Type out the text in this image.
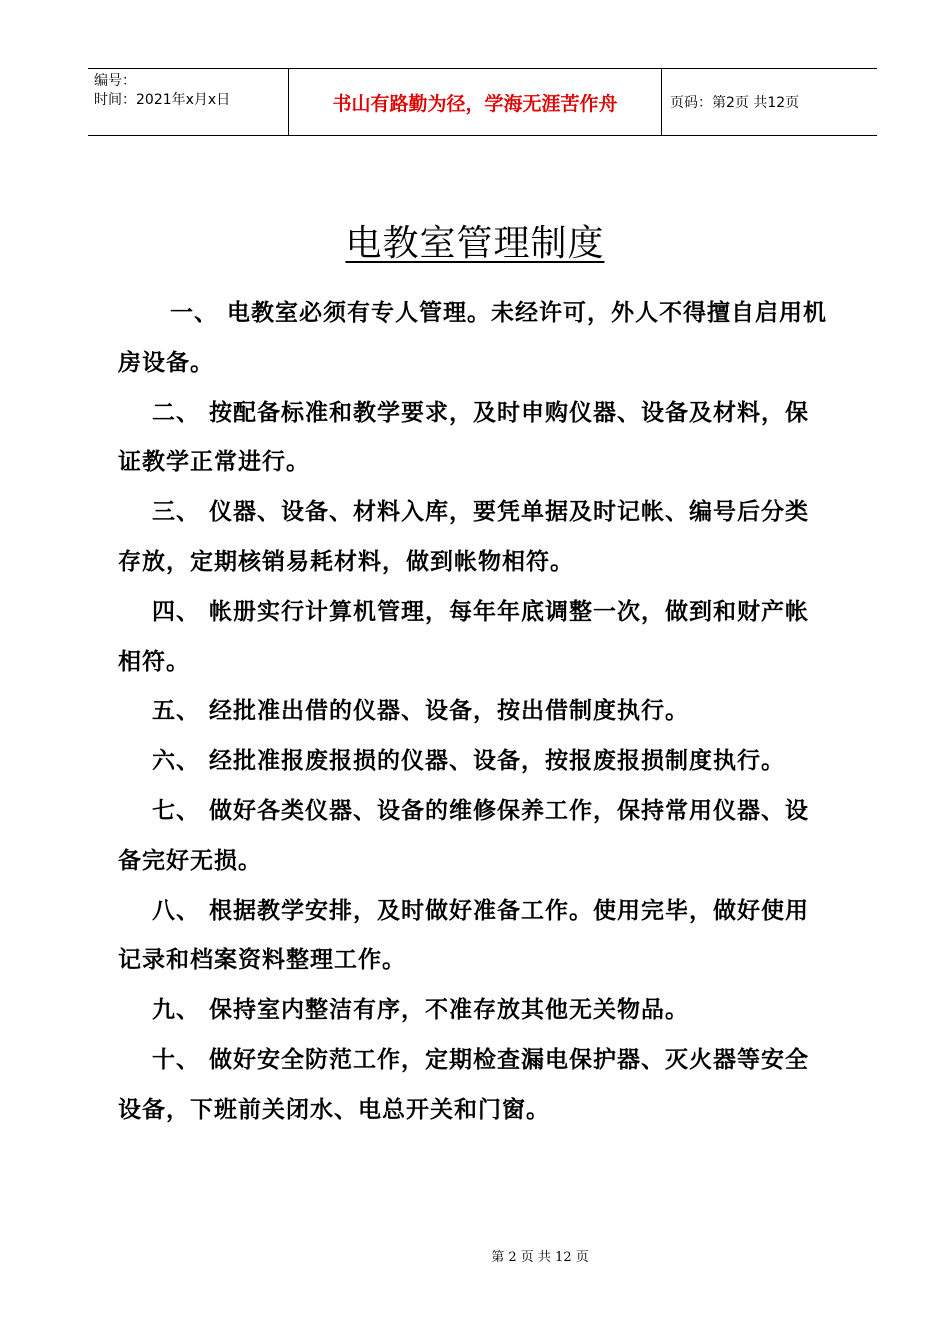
编号：
时间：2021年x月x日	书山有路勤为径，学海无涯苦作舟	页码：第2页 共12页
电教室管理制度

一、 电教室必须有专人管理。未经许可，外人不得擅自启用机房设备。

二、 按配备标准和教学要求，及时申购仪器、设备及材料，保证教学正常进行。

三、 仪器、设备、材料入库，要凭单据及时记帐、编号后分类存放，定期核销易耗材料，做到帐物相符。

四、 帐册实行计算机管理，每年年底调整一次，做到和财产帐相符。

五、 经批准出借的仪器、设备，按出借制度执行。

六、 经批准报废报损的仪器、设备，按报废报损制度执行。

七、 做好各类仪器、设备的维修保养工作，保持常用仪器、设备完好无损。

八、 根据教学安排，及时做好准备工作。使用完毕，做好使用记录和档案资料整理工作。

九、 保持室内整洁有序，不准存放其他无关物品。

十、 做好安全防范工作，定期检查漏电保护器、灭火器等安全设备，下班前关闭水、电总开关和门窗。

第 2 页 共 12 页
